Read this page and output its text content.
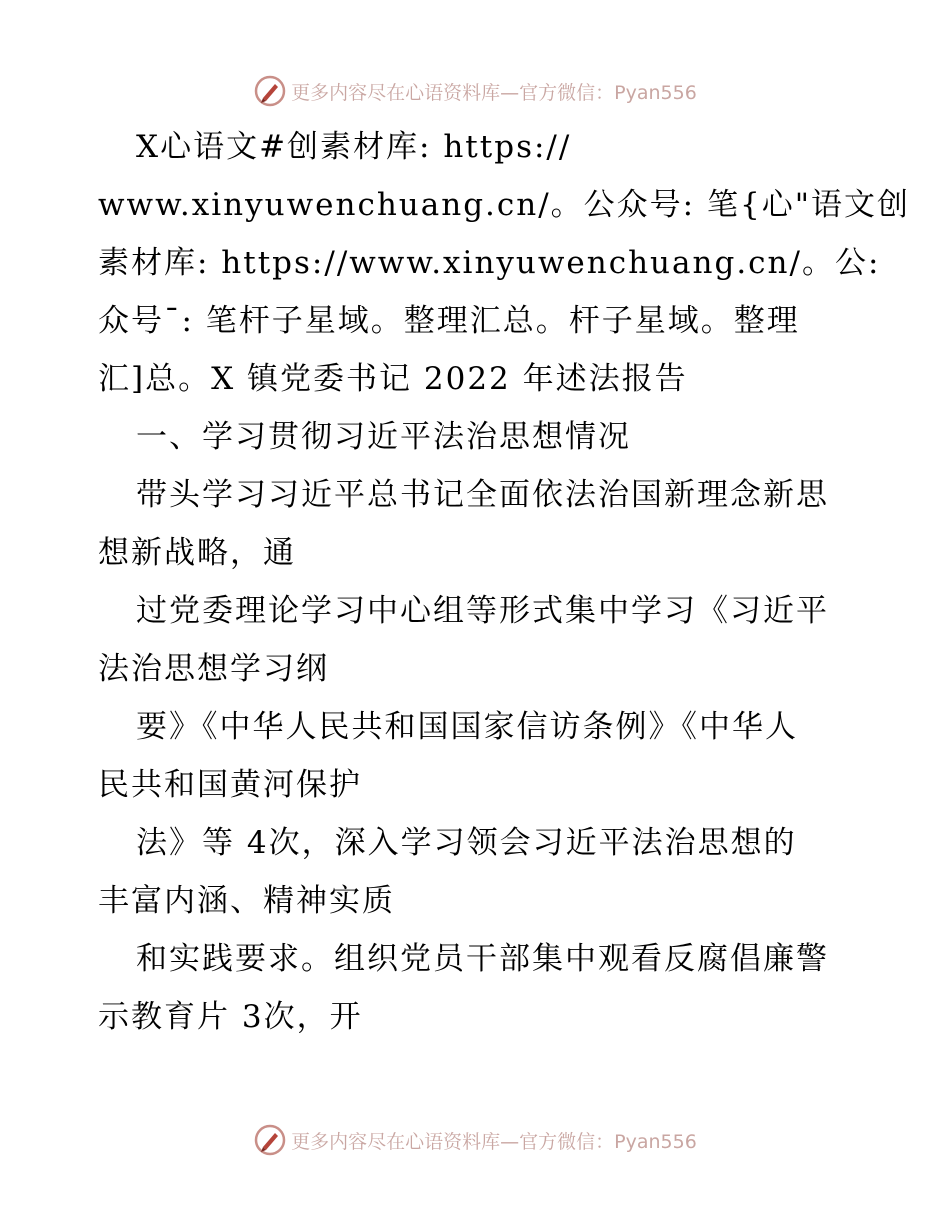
更多内容尽在心语资料库—官方微信：Pyan556
X心语文#创素材库: https://
www.xinyuwenchuang.cn/。公众号: 笔{心"语文创
素材库: https://www.xinyuwenchuang.cn/。公:
众号¯: 笔杆子星域。整理汇总。杆子星域。整理
汇]总。X 镇党委书记 2022 年述法报告
一、学习贯彻习近平法治思想情况
带头学习习近平总书记全面依法治国新理念新思
想新战略，通
过党委理论学习中心组等形式集中学习《习近平
法治思想学习纲
要》《中华人民共和国国家信访条例》《中华人
民共和国黄河保护
法》等 4次，深入学习领会习近平法治思想的
丰富内涵、精神实质
和实践要求。组织党员干部集中观看反腐倡廉警
示教育片 3次，开
更多内容尽在心语资料库—官方微信：Pyan556
